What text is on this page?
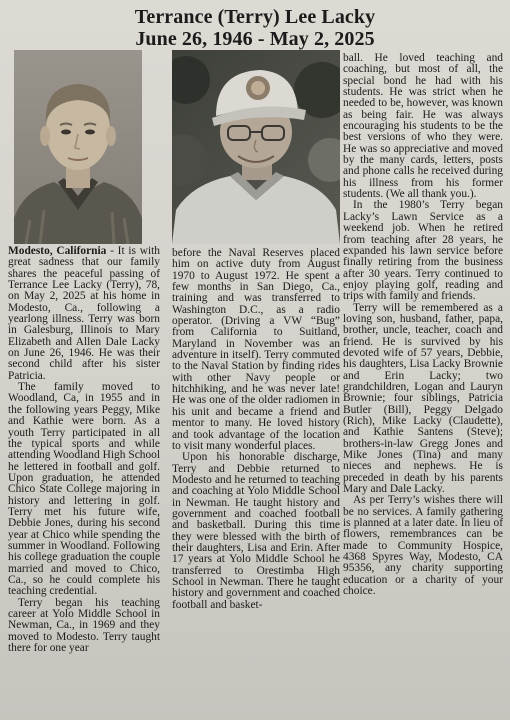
Terrance (Terry) Lee Lacky
June 26, 1946 - May 2, 2025

Modesto, California - It is with great sadness that our family shares the peaceful passing of Terrance Lee Lacky (Terry), 78, on May 2, 2025 at his home in Modesto, Ca., following a yearlong illness. Terry was born in Galesburg, Illinois to Mary Elizabeth and Allen Dale Lacky on June 26, 1946. He was their second child after his sister Patricia.

The family moved to Woodland, Ca, in 1955 and in the following years Peggy, Mike and Kathie were born. As a youth Terry participated in all the typical sports and while attending Woodland High School he lettered in football and golf. Upon graduation, he attended Chico State College majoring in history and lettering in golf. Terry met his future wife, Debbie Jones, during his second year at Chico while spending the summer in Woodland. Following his college graduation the couple married and moved to Chico, Ca., so he could complete his teaching credential.

Terry began his teaching career at Yolo Middle School in Newman, Ca., in 1969 and they moved to Modesto. Terry taught there for one year

before the Naval Reserves placed him on active duty from August 1970 to August 1972. He spent a few months in San Diego, Ca., training and was transferred to Washington D.C., as a radio operator. (Driving a VW “Bug” from California to Suitland, Maryland in November was an adventure in itself). Terry commuted to the Naval Station by finding rides with other Navy people or hitchhiking, and he was never late! He was one of the older radiomen in his unit and became a friend and mentor to many. He loved history and took advantage of the location to visit many wonderful places.

Upon his honorable discharge, Terry and Debbie returned to Modesto and he returned to teaching and coaching at Yolo Middle School in Newman. He taught history and government and coached football and basketball. During this time they were blessed with the birth of their daughters, Lisa and Erin. After 17 years at Yolo Middle School he transferred to Orestimba High School in Newman. There he taught history and government and coached football and basket-

ball. He loved teaching and coaching, but most of all, the special bond he had with his students. He was strict when he needed to be, however, was known as being fair. He was always encouraging his students to be the best versions of who they were. He was so appreciative and moved by the many cards, letters, posts and phone calls he received during his illness from his former students. (We all thank you.).

In the 1980’s Terry began Lacky’s Lawn Service as a weekend job. When he retired from teaching after 28 years, he expanded his lawn service before finally retiring from the business after 30 years. Terry continued to enjoy playing golf, reading and trips with family and friends.

Terry will be remembered as a loving son, husband, father, papa, brother, uncle, teacher, coach and friend. He is survived by his devoted wife of 57 years, Debbie, his daughters, Lisa Lacky Brownie and Erin Lacky; two grandchildren, Logan and Lauryn Brownie; four siblings, Patricia Butler (Bill), Peggy Delgado (Rich), Mike Lacky (Claudette), and Kathie Santens (Steve); brothers-in-law Gregg Jones and Mike Jones (Tina) and many nieces and nephews. He is preceded in death by his parents Mary and Dale Lacky.

As per Terry’s wishes there will be no services. A family gathering is planned at a later date. In lieu of flowers, remembrances can be made to Community Hospice, 4368 Spyres Way, Modesto, CA 95356, any charity supporting education or a charity of your choice.
